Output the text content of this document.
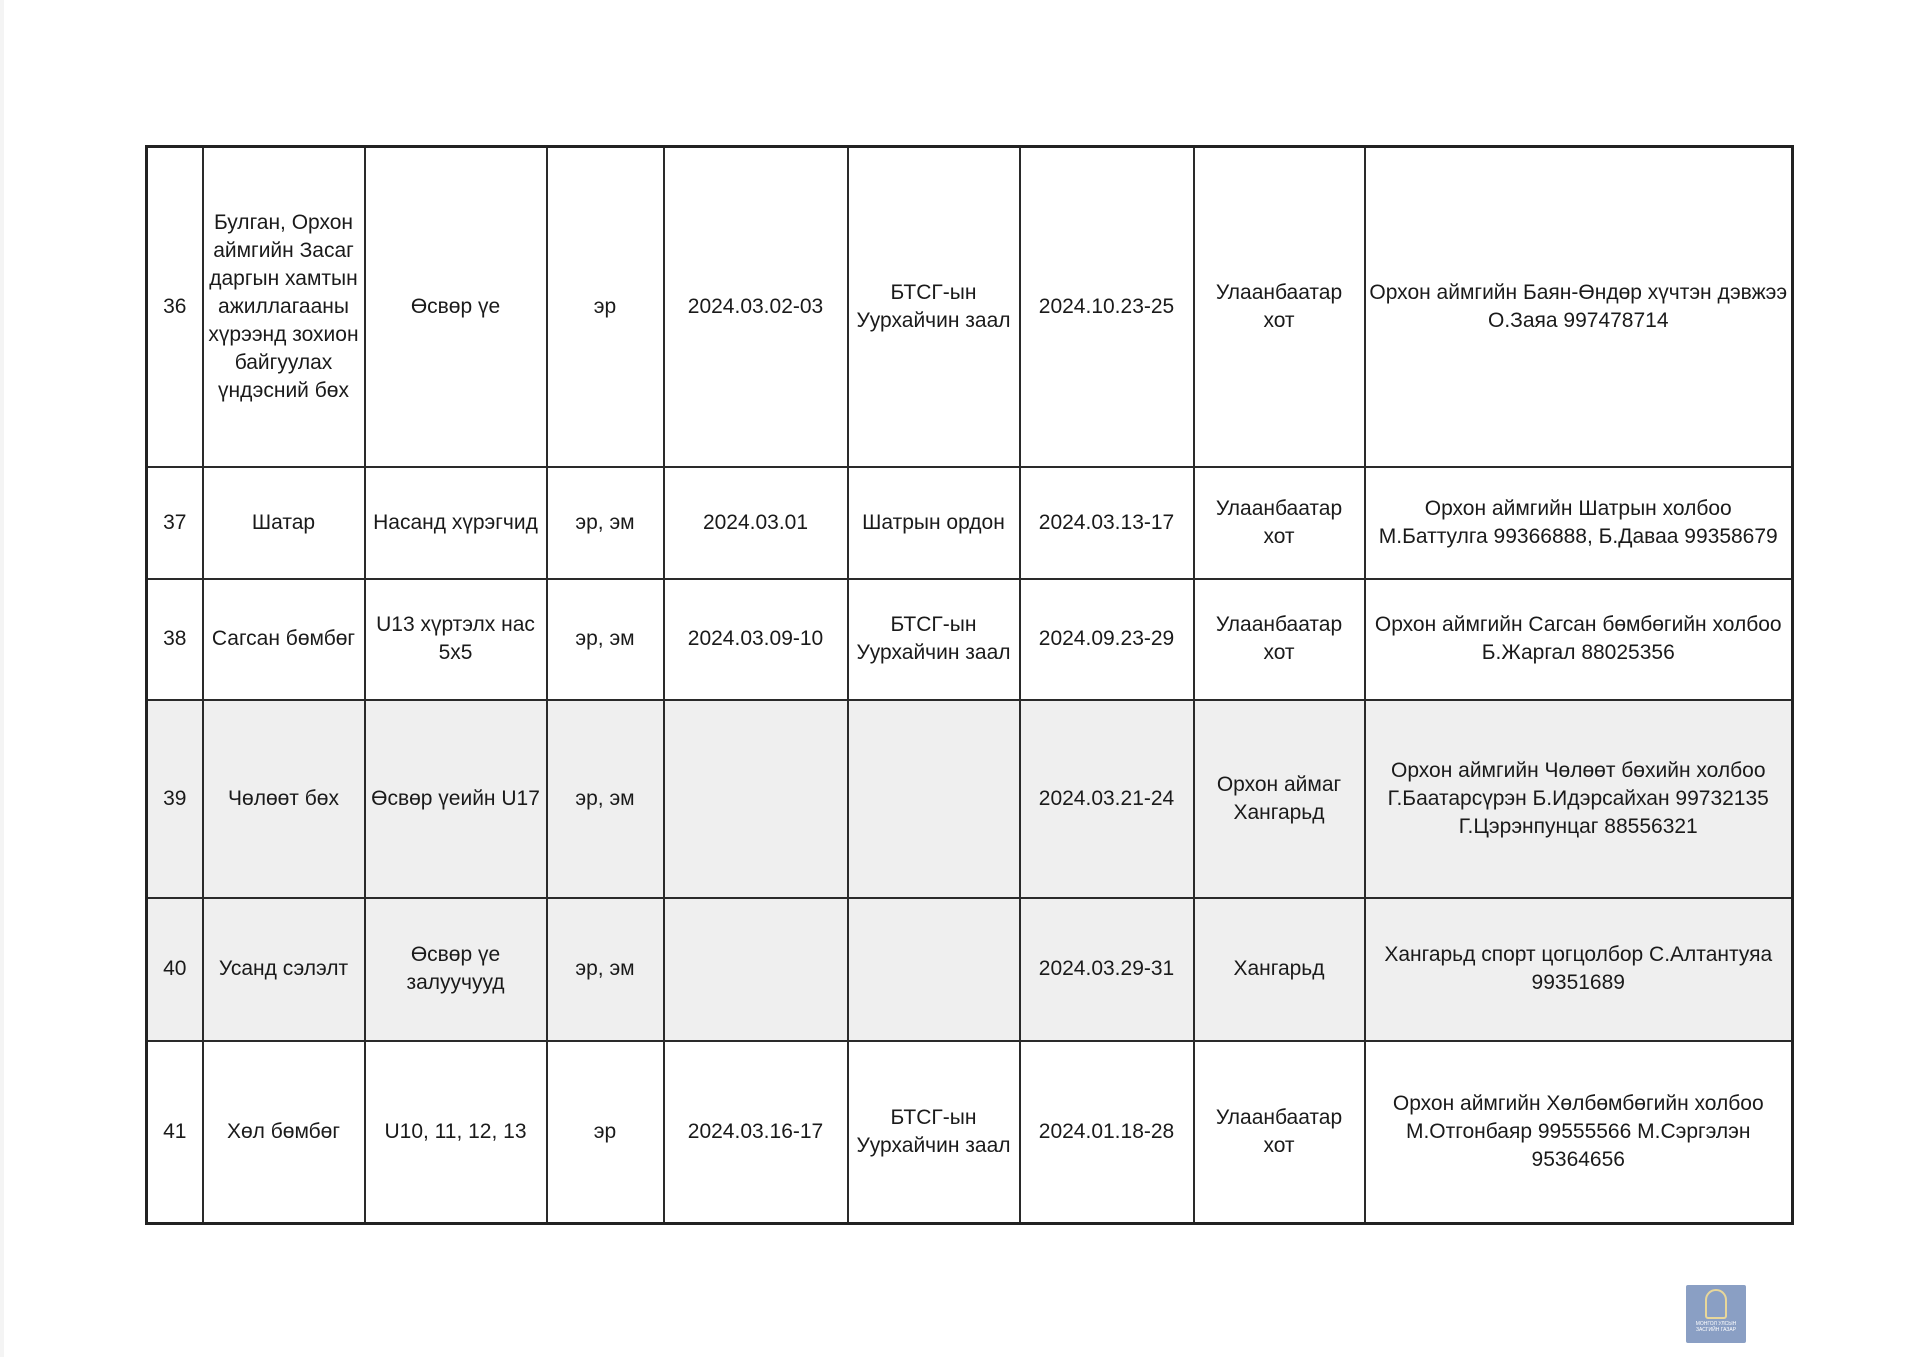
36	Булган, Орхон аймгийн Засаг даргын хамтын ажиллагааны хүрээнд зохион байгуулах үндэсний бөх	Өсвөр үе	эр	2024.03.02-03	БТСГ-ын Уурхайчин заал	2024.10.23-25	Улаанбаатар хот	Орхон аймгийн Баян-Өндөр хүчтэн дэвжээ О.Заяа 997478714
37	Шатар	Насанд хүрэгчид	эр, эм	2024.03.01	Шатрын ордон	2024.03.13-17	Улаанбаатар хот	Орхон аймгийн Шатрын холбоо М.Баттулга 99366888, Б.Даваа 99358679
38	Сагсан бөмбөг	U13 хүртэлх нас 5х5	эр, эм	2024.03.09-10	БТСГ-ын Уурхайчин заал	2024.09.23-29	Улаанбаатар хот	Орхон аймгийн Сагсан бөмбөгийн холбоо Б.Жаргал 88025356
39	Чөлөөт бөх	Өсвөр үеийн U17	эр, эм			2024.03.21-24	Орхон аймаг Хангарьд	Орхон аймгийн Чөлөөт бөхийн холбоо Г.Баатарсүрэн Б.Идэрсайхан 99732135 Г.Цэрэнпунцаг 88556321
40	Усанд сэлэлт	Өсвөр үе залуучууд	эр, эм			2024.03.29-31	Хангарьд	Хангарьд спорт цогцолбор С.Алтантуяа 99351689
41	Хөл бөмбөг	U10, 11, 12, 13	эр	2024.03.16-17	БТСГ-ын Уурхайчин заал	2024.01.18-28	Улаанбаатар хот	Орхон аймгийн Хөлбөмбөгийн холбоо М.Отгонбаяр 99555566 М.Сэргэлэн 95364656
МОНГОЛ УЛСЫН ЗАСГИЙН ГАЗАР
